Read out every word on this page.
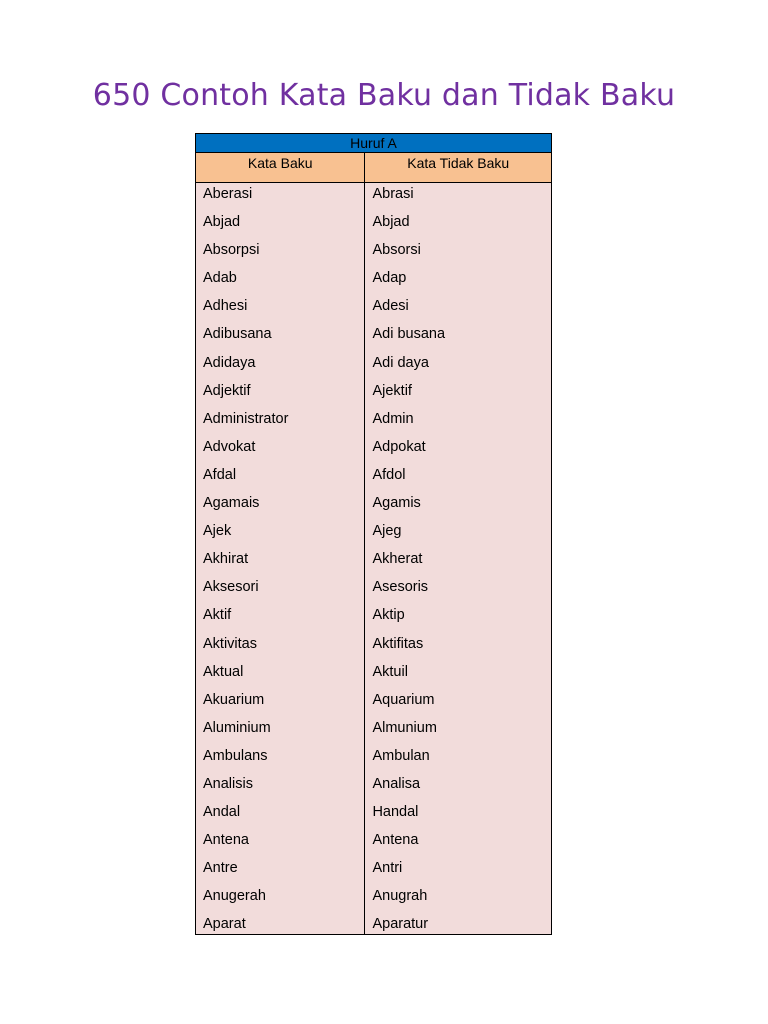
650 Contoh Kata Baku dan Tidak Baku
Huruf A	
Kata Baku	Kata Tidak Baku
Aberasi	Abrasi
Abjad	Abjad
Absorpsi	Absorsi
Adab	Adap
Adhesi	Adesi
Adibusana	Adi busana
Adidaya	Adi daya
Adjektif	Ajektif
Administrator	Admin
Advokat	Adpokat
Afdal	Afdol
Agamais	Agamis
Ajek	Ajeg
Akhirat	Akherat
Aksesori	Asesoris
Aktif	Aktip
Aktivitas	Aktifitas
Aktual	Aktuil
Akuarium	Aquarium
Aluminium	Almunium
Ambulans	Ambulan
Analisis	Analisa
Andal	Handal
Antena	Antena
Antre	Antri
Anugerah	Anugrah
Aparat	Aparatur
